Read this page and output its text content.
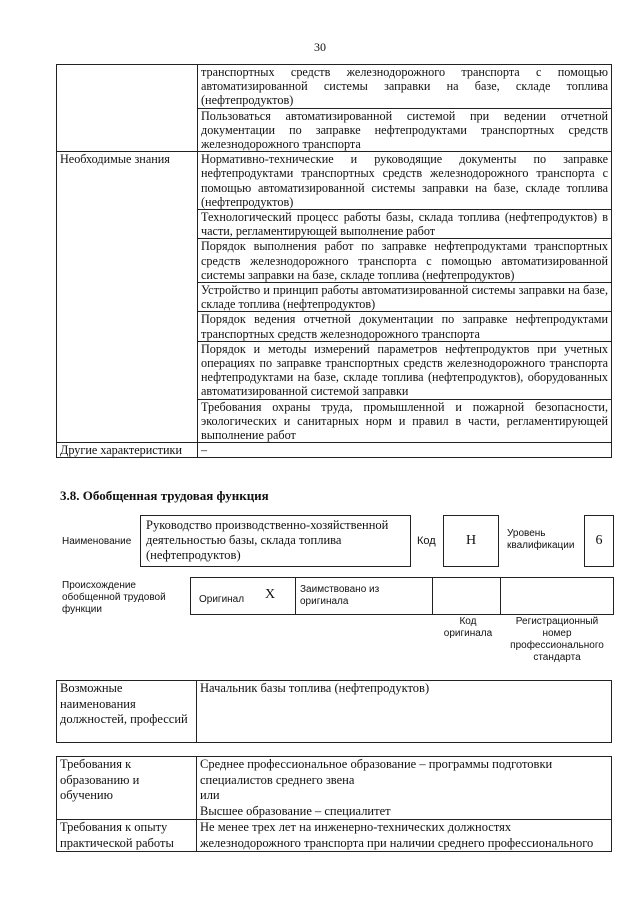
30
	транспортных средств железнодорожного транспорта с помощью автоматизированной системы заправки на базе, складе топлива (нефтепродуктов)
	Пользоваться автоматизированной системой при ведении отчетной документации по заправке нефтепродуктами транспортных средств железнодорожного транспорта
Необходимые знания	Нормативно-технические и руководящие документы по заправке нефтепродуктами транспортных средств железнодорожного транспорта с помощью автоматизированной системы заправки на базе, складе топлива (нефтепродуктов)
	Технологический процесс работы базы, склада топлива (нефтепродуктов) в части, регламентирующей выполнение работ
	Порядок выполнения работ по заправке нефтепродуктами транспортных средств железнодорожного транспорта с помощью автоматизированной системы заправки на базе, складе топлива (нефтепродуктов)
	Устройство и принцип работы автоматизированной системы заправки на базе, складе топлива (нефтепродуктов)
	Порядок ведения отчетной документации по заправке нефтепродуктами транспортных средств железнодорожного транспорта
	Порядок и методы измерений параметров нефтепродуктов при учетных операциях по заправке транспортных средств железнодорожного транспорта нефтепродуктами на базе, складе топлива (нефтепродуктов), оборудованных автоматизированной системой заправки
	Требования охраны труда, промышленной и пожарной безопасности, экологических и санитарных норм и правил в части, регламентирующей выполнение работ
Другие характеристики	–
3.8. Обобщенная трудовая функция
Наименование
Руководство производственно-хозяйственной деятельностью базы, склада топлива (нефтепродуктов)
Код	H	Уровень квалификации	6
Происхождение обобщенной трудовой функции
Оригинал X Заимствовано из оригинала
Код оригинала
Регистрационный номер профессионального стандарта
Возможные наименования должностей, профессий	Начальник базы топлива (нефтепродуктов)
Требования к образованию и обучению	Среднее профессиональное образование – программы подготовки специалистов среднего звена
или
Высшее образование – специалитет

Требования к опыту практической работы	Не менее трех лет на инженерно-технических должностях железнодорожного транспорта при наличии среднего профессионального
